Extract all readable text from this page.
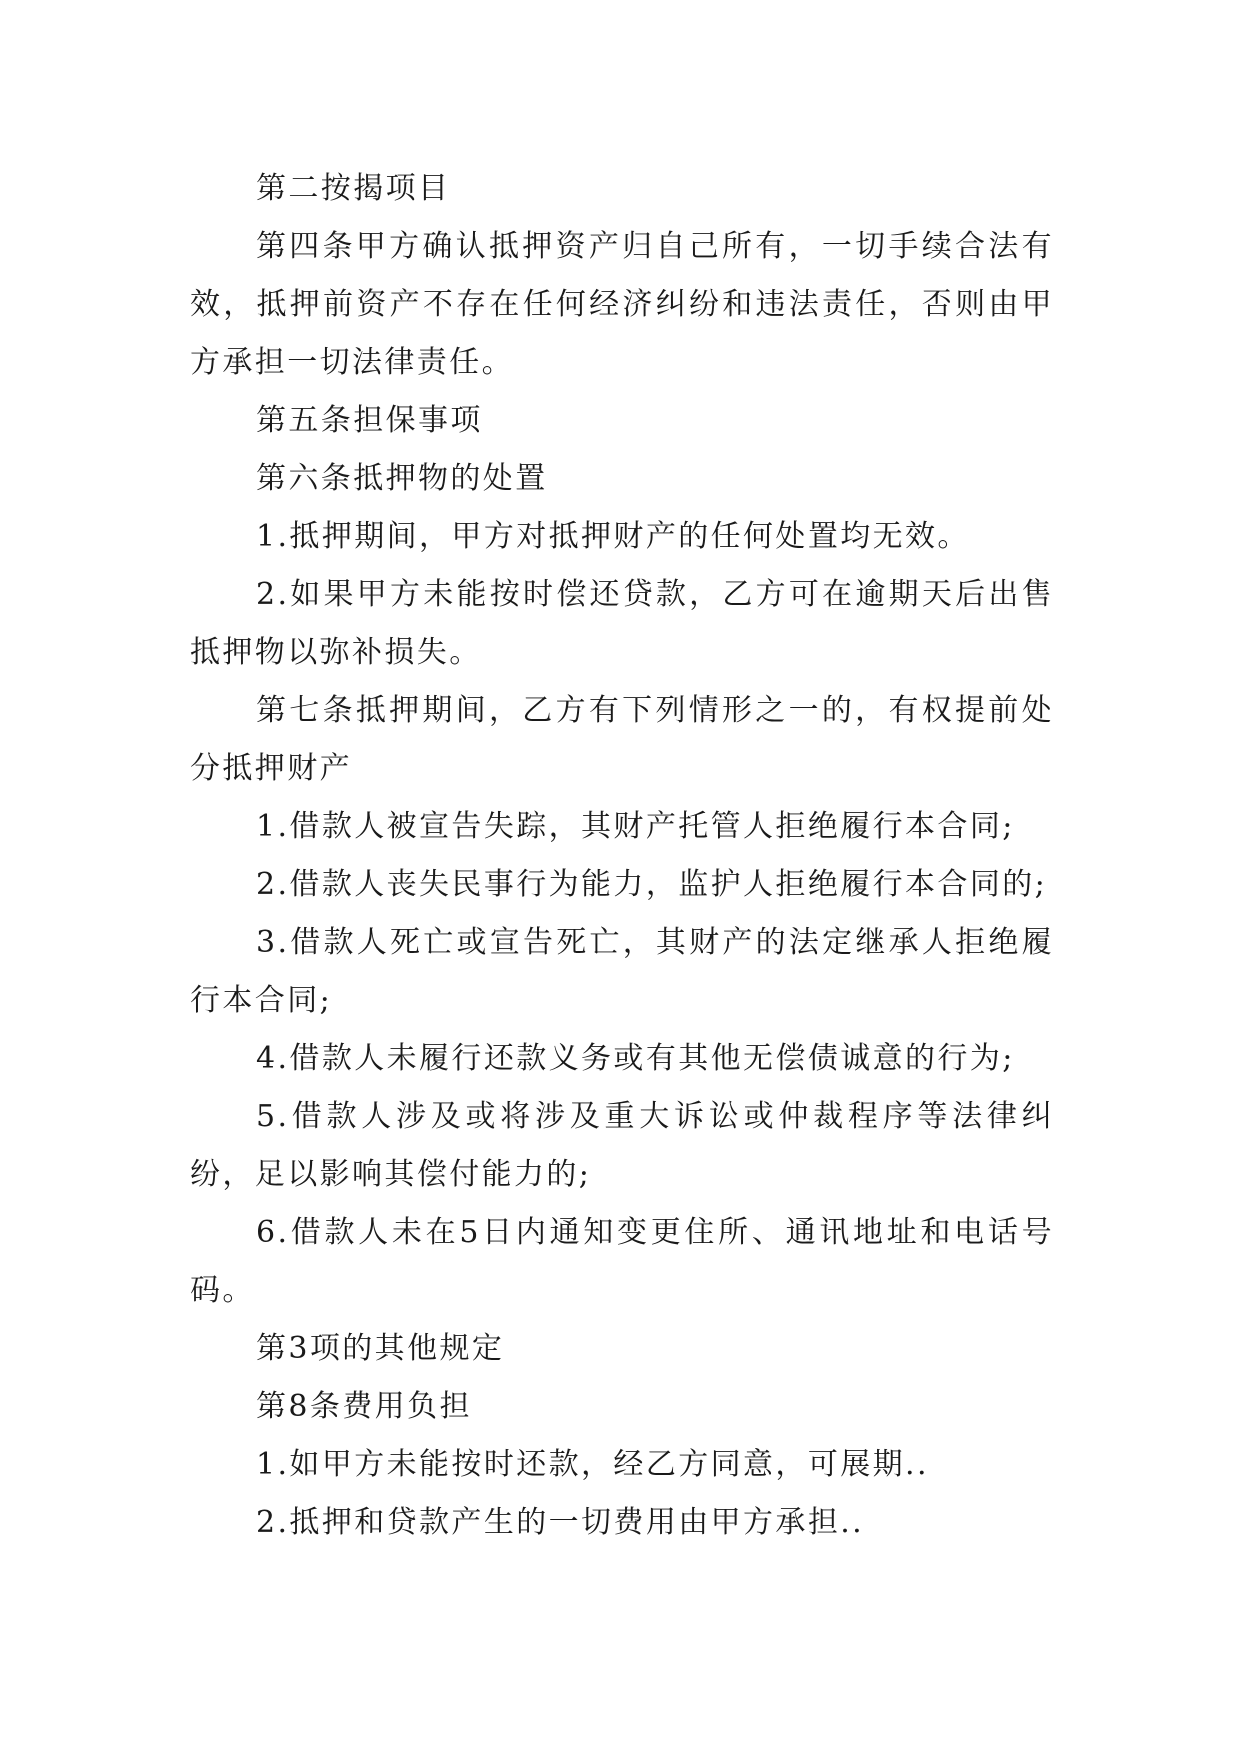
第二按揭项目

第四条甲方确认抵押资产归自己所有，一切手续合法有效，抵押前资产不存在任何经济纠纷和违法责任，否则由甲方承担一切法律责任。

第五条担保事项

第六条抵押物的处置

1.抵押期间，甲方对抵押财产的任何处置均无效。

2.如果甲方未能按时偿还贷款，乙方可在逾期天后出售抵押物以弥补损失。

第七条抵押期间，乙方有下列情形之一的，有权提前处分抵押财产

1.借款人被宣告失踪，其财产托管人拒绝履行本合同;

2.借款人丧失民事行为能力，监护人拒绝履行本合同的;

3.借款人死亡或宣告死亡，其财产的法定继承人拒绝履行本合同;

4.借款人未履行还款义务或有其他无偿债诚意的行为;

5.借款人涉及或将涉及重大诉讼或仲裁程序等法律纠纷，足以影响其偿付能力的;

6.借款人未在5日内通知变更住所、通讯地址和电话号码。

第3项的其他规定

第8条费用负担

1.如甲方未能按时还款，经乙方同意，可展期..

2.抵押和贷款产生的一切费用由甲方承担..
